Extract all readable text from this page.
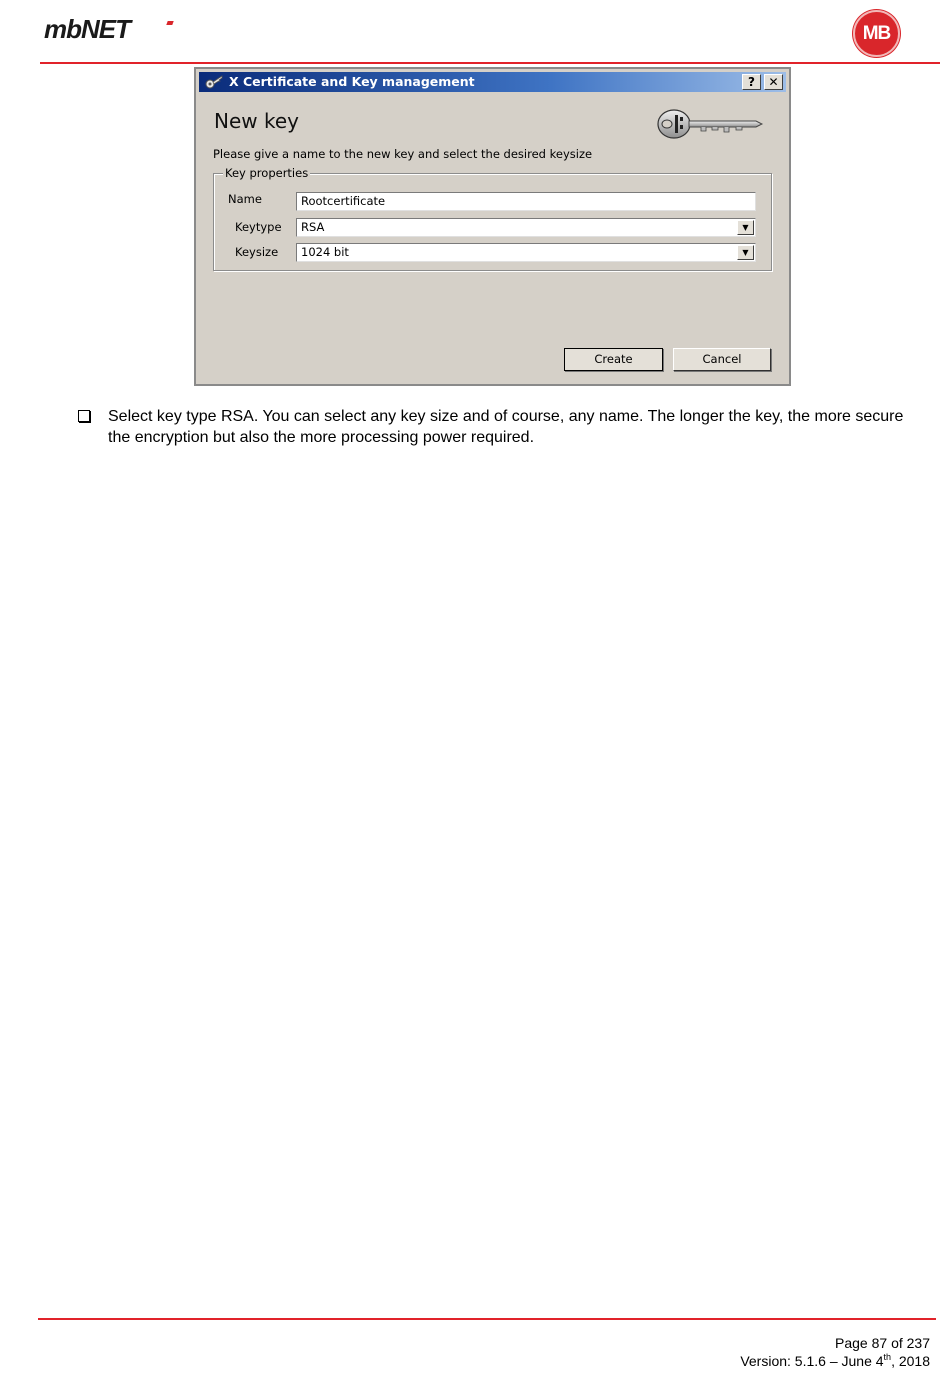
mbNET	MB
X Certificate and Key management	?	✕
New key
Please give a name to the new key and select the desired keysize
Key properties
Name	Rootcertificate
Keytype	RSA	▼
Keysize	1024 bit	▼
Create	Cancel

Select key type RSA. You can select any key size and of course, any name. The longer the key, the more secure the encryption but also the more processing power required.

Page 87 of 237
Version: 5.1.6 – June 4th, 2018
